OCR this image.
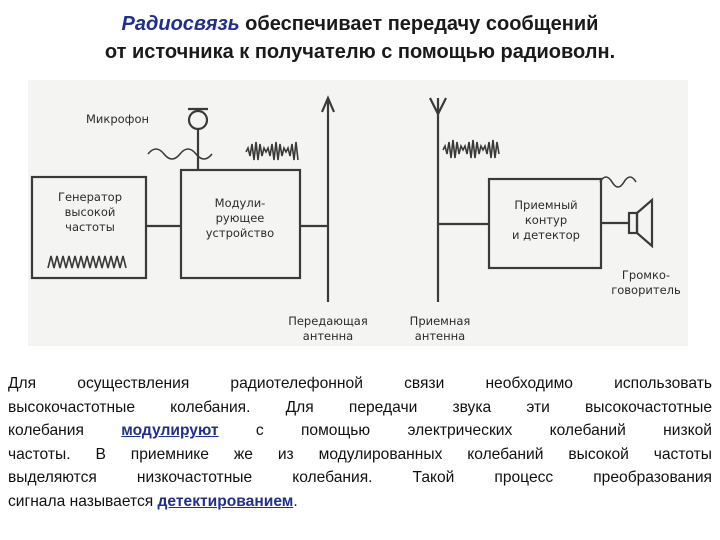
Радиосвязь обеспечивает передачу сообщений
от источника к получателю с помощью радиоволн.
Микрофон
Генератор
высокой
частоты
Модули-
рующее
устройство
Приемный
контур
и детектор
Громко-
говоритель
Передающая
антенна
Приемная
антенна
Для осуществления радиотелефонной связи необходимо использовать
высокочастотные колебания. Для передачи звука эти высокочастотные
колебания модулируют с помощью электрических колебаний низкой
частоты. В приемнике же из модулированных колебаний высокой частоты
выделяются низкочастотные колебания. Такой процесс преобразования
сигнала называется детектированием.
